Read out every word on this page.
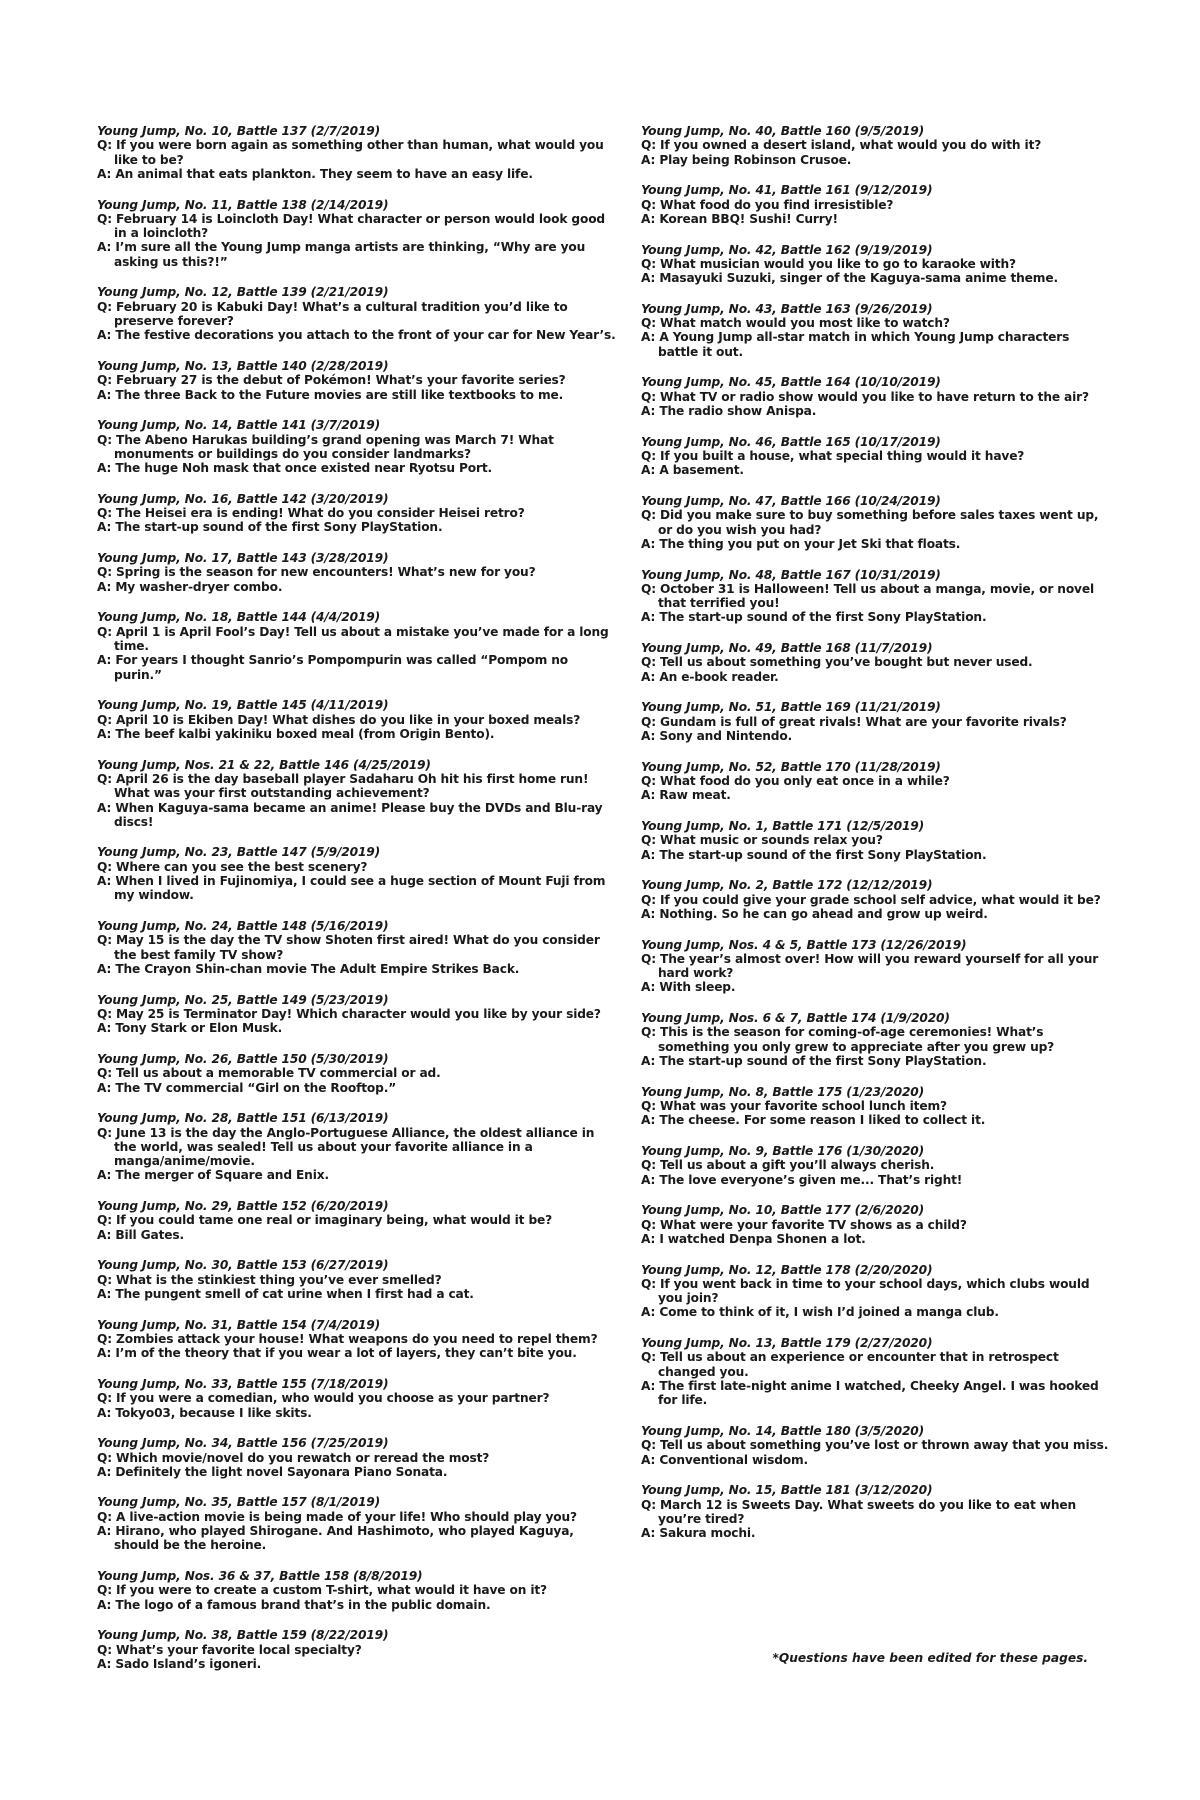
Young Jump, No. 10, Battle 137 (2/7/2019)
Q: If you were born again as something other than human, what would you like to be?
A: An animal that eats plankton. They seem to have an easy life.
Young Jump, No. 11, Battle 138 (2/14/2019)
Q: February 14 is Loincloth Day! What character or person would look good in a loincloth?
A: I’m sure all the Young Jump manga artists are thinking, “Why are you asking us this?!”
Young Jump, No. 12, Battle 139 (2/21/2019)
Q: February 20 is Kabuki Day! What’s a cultural tradition you’d like to preserve forever?
A: The festive decorations you attach to the front of your car for New Year’s.
Young Jump, No. 13, Battle 140 (2/28/2019)
Q: February 27 is the debut of Pokémon! What’s your favorite series?
A: The three Back to the Future movies are still like textbooks to me.
Young Jump, No. 14, Battle 141 (3/7/2019)
Q: The Abeno Harukas building’s grand opening was March 7! What monuments or buildings do you consider landmarks?
A: The huge Noh mask that once existed near Ryotsu Port.
Young Jump, No. 16, Battle 142 (3/20/2019)
Q: The Heisei era is ending! What do you consider Heisei retro?
A: The start-up sound of the first Sony PlayStation.
Young Jump, No. 17, Battle 143 (3/28/2019)
Q: Spring is the season for new encounters! What’s new for you?
A: My washer-dryer combo.
Young Jump, No. 18, Battle 144 (4/4/2019)
Q: April 1 is April Fool’s Day! Tell us about a mistake you’ve made for a long time.
A: For years I thought Sanrio’s Pompompurin was called “Pompom no purin.”
Young Jump, No. 19, Battle 145 (4/11/2019)
Q: April 10 is Ekiben Day! What dishes do you like in your boxed meals?
A: The beef kalbi yakiniku boxed meal (from Origin Bento).
Young Jump, Nos. 21 & 22, Battle 146 (4/25/2019)
Q: April 26 is the day baseball player Sadaharu Oh hit his first home run! What was your first outstanding achievement?
A: When Kaguya-sama became an anime! Please buy the DVDs and Blu-ray discs!
Young Jump, No. 23, Battle 147 (5/9/2019)
Q: Where can you see the best scenery?
A: When I lived in Fujinomiya, I could see a huge section of Mount Fuji from my window.
Young Jump, No. 24, Battle 148 (5/16/2019)
Q: May 15 is the day the TV show Shoten first aired! What do you consider the best family TV show?
A: The Crayon Shin-chan movie The Adult Empire Strikes Back.
Young Jump, No. 25, Battle 149 (5/23/2019)
Q: May 25 is Terminator Day! Which character would you like by your side?
A: Tony Stark or Elon Musk.
Young Jump, No. 26, Battle 150 (5/30/2019)
Q: Tell us about a memorable TV commercial or ad.
A: The TV commercial “Girl on the Rooftop.”
Young Jump, No. 28, Battle 151 (6/13/2019)
Q: June 13 is the day the Anglo-Portuguese Alliance, the oldest alliance in the world, was sealed! Tell us about your favorite alliance in a manga/anime/movie.
A: The merger of Square and Enix.
Young Jump, No. 29, Battle 152 (6/20/2019)
Q: If you could tame one real or imaginary being, what would it be?
A: Bill Gates.
Young Jump, No. 30, Battle 153 (6/27/2019)
Q: What is the stinkiest thing you’ve ever smelled?
A: The pungent smell of cat urine when I first had a cat.
Young Jump, No. 31, Battle 154 (7/4/2019)
Q: Zombies attack your house! What weapons do you need to repel them?
A: I’m of the theory that if you wear a lot of layers, they can’t bite you.
Young Jump, No. 33, Battle 155 (7/18/2019)
Q: If you were a comedian, who would you choose as your partner?
A: Tokyo03, because I like skits.
Young Jump, No. 34, Battle 156 (7/25/2019)
Q: Which movie/novel do you rewatch or reread the most?
A: Definitely the light novel Sayonara Piano Sonata.
Young Jump, No. 35, Battle 157 (8/1/2019)
Q: A live-action movie is being made of your life! Who should play you?
A: Hirano, who played Shirogane. And Hashimoto, who played Kaguya, should be the heroine.
Young Jump, Nos. 36 & 37, Battle 158 (8/8/2019)
Q: If you were to create a custom T-shirt, what would it have on it?
A: The logo of a famous brand that’s in the public domain.
Young Jump, No. 38, Battle 159 (8/22/2019)
Q: What’s your favorite local specialty?
A: Sado Island’s igoneri.
Young Jump, No. 40, Battle 160 (9/5/2019)
Q: If you owned a desert island, what would you do with it?
A: Play being Robinson Crusoe.
Young Jump, No. 41, Battle 161 (9/12/2019)
Q: What food do you find irresistible?
A: Korean BBQ! Sushi! Curry!
Young Jump, No. 42, Battle 162 (9/19/2019)
Q: What musician would you like to go to karaoke with?
A: Masayuki Suzuki, singer of the Kaguya-sama anime theme.
Young Jump, No. 43, Battle 163 (9/26/2019)
Q: What match would you most like to watch?
A: A Young Jump all-star match in which Young Jump characters battle it out.
Young Jump, No. 45, Battle 164 (10/10/2019)
Q: What TV or radio show would you like to have return to the air?
A: The radio show Anispa.
Young Jump, No. 46, Battle 165 (10/17/2019)
Q: If you built a house, what special thing would it have?
A: A basement.
Young Jump, No. 47, Battle 166 (10/24/2019)
Q: Did you make sure to buy something before sales taxes went up, or do you wish you had?
A: The thing you put on your Jet Ski that floats.
Young Jump, No. 48, Battle 167 (10/31/2019)
Q: October 31 is Halloween! Tell us about a manga, movie, or novel that terrified you!
A: The start-up sound of the first Sony PlayStation.
Young Jump, No. 49, Battle 168 (11/7/2019)
Q: Tell us about something you’ve bought but never used.
A: An e-book reader.
Young Jump, No. 51, Battle 169 (11/21/2019)
Q: Gundam is full of great rivals! What are your favorite rivals?
A: Sony and Nintendo.
Young Jump, No. 52, Battle 170 (11/28/2019)
Q: What food do you only eat once in a while?
A: Raw meat.
Young Jump, No. 1, Battle 171 (12/5/2019)
Q: What music or sounds relax you?
A: The start-up sound of the first Sony PlayStation.
Young Jump, No. 2, Battle 172 (12/12/2019)
Q: If you could give your grade school self advice, what would it be?
A: Nothing. So he can go ahead and grow up weird.
Young Jump, Nos. 4 & 5, Battle 173 (12/26/2019)
Q: The year’s almost over! How will you reward yourself for all your hard work?
A: With sleep.
Young Jump, Nos. 6 & 7, Battle 174 (1/9/2020)
Q: This is the season for coming-of-age ceremonies! What’s something you only grew to appreciate after you grew up?
A: The start-up sound of the first Sony PlayStation.
Young Jump, No. 8, Battle 175 (1/23/2020)
Q: What was your favorite school lunch item?
A: The cheese. For some reason I liked to collect it.
Young Jump, No. 9, Battle 176 (1/30/2020)
Q: Tell us about a gift you’ll always cherish.
A: The love everyone’s given me... That’s right!
Young Jump, No. 10, Battle 177 (2/6/2020)
Q: What were your favorite TV shows as a child?
A: I watched Denpa Shonen a lot.
Young Jump, No. 12, Battle 178 (2/20/2020)
Q: If you went back in time to your school days, which clubs would you join?
A: Come to think of it, I wish I’d joined a manga club.
Young Jump, No. 13, Battle 179 (2/27/2020)
Q: Tell us about an experience or encounter that in retrospect changed you.
A: The first late-night anime I watched, Cheeky Angel. I was hooked for life.
Young Jump, No. 14, Battle 180 (3/5/2020)
Q: Tell us about something you’ve lost or thrown away that you miss.
A: Conventional wisdom.
Young Jump, No. 15, Battle 181 (3/12/2020)
Q: March 12 is Sweets Day. What sweets do you like to eat when you’re tired?
A: Sakura mochi.
*Questions have been edited for these pages.
